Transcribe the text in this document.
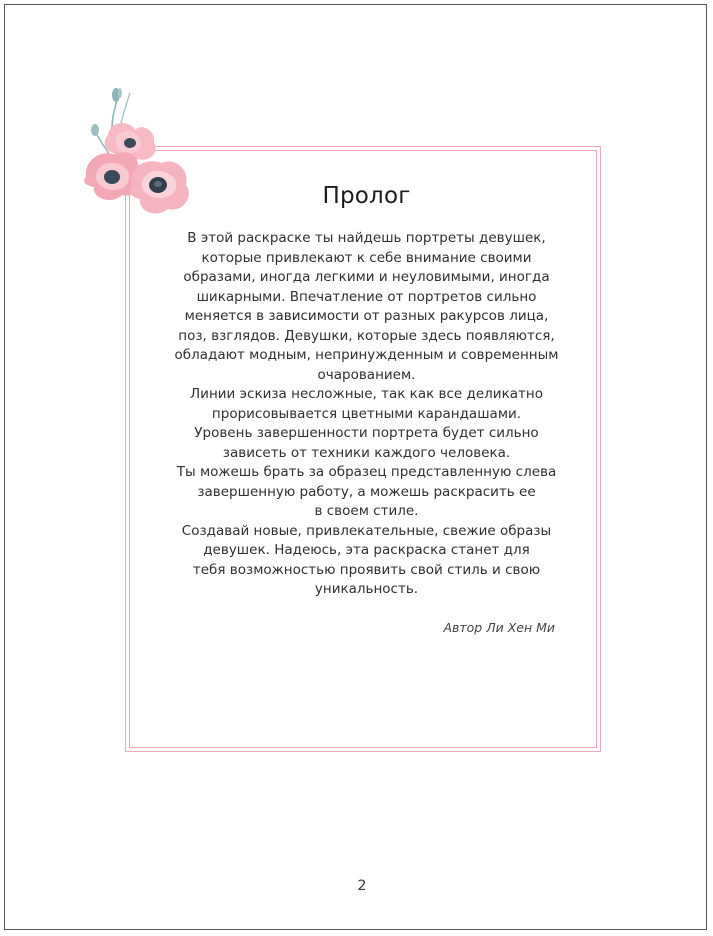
Пролог
В этой раскраске ты найдешь портреты девушек,
которые привлекают к себе внимание своими
образами, иногда легкими и неуловимыми, иногда
шикарными. Впечатление от портретов сильно
меняется в зависимости от разных ракурсов лица,
поз, взглядов. Девушки, которые здесь появляются,
обладают модным, непринужденным и современным
очарованием.
Линии эскиза несложные, так как все деликатно
прорисовывается цветными карандашами.
Уровень завершенности портрета будет сильно
зависеть от техники каждого человека.
Ты можешь брать за образец представленную слева
завершенную работу, а можешь раскрасить ее
в своем стиле.
Создавай новые, привлекательные, свежие образы
девушек. Надеюсь, эта раскраска станет для
тебя возможностью проявить свой стиль и свою
уникальность.
Автор Ли Хен Ми
2
